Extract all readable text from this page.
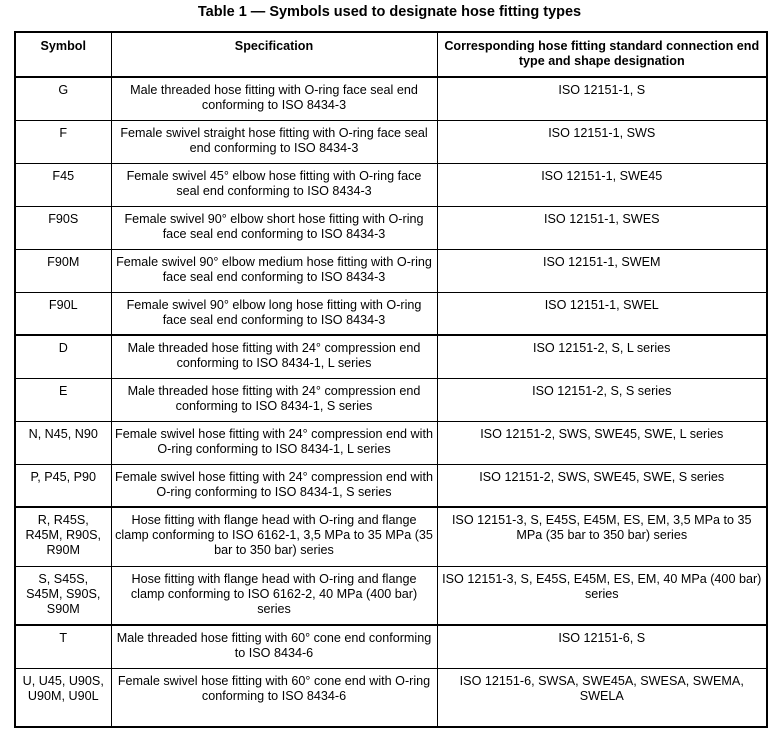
Table 1 — Symbols used to designate hose fitting types
Symbol	Specification	Corresponding hose fitting standard connection end type and shape designation
G	Male threaded hose fitting with O-ring face seal end conforming to ISO 8434-3	ISO 12151-1, S
F	Female swivel straight hose fitting with O-ring face seal end conforming to ISO 8434-3	ISO 12151-1, SWS
F45	Female swivel 45° elbow hose fitting with O-ring face seal end conforming to ISO 8434-3	ISO 12151-1, SWE45
F90S	Female swivel 90° elbow short hose fitting with O-ring face seal end conforming to ISO 8434-3	ISO 12151-1, SWES
F90M	Female swivel 90° elbow medium hose fitting with O-ring face seal end conforming to ISO 8434-3	ISO 12151-1, SWEM
F90L	Female swivel 90° elbow long hose fitting with O-ring face seal end conforming to ISO 8434-3	ISO 12151-1, SWEL
D	Male threaded hose fitting with 24° compression end conforming to ISO 8434-1, L series	ISO 12151-2, S, L series
E	Male threaded hose fitting with 24° compression end conforming to ISO 8434-1, S series	ISO 12151-2, S, S series
N, N45, N90	Female swivel hose fitting with 24° compression end with O-ring conforming to ISO 8434-1, L series	ISO 12151-2, SWS, SWE45, SWE, L series
P, P45, P90	Female swivel hose fitting with 24° compression end with O-ring conforming to ISO 8434-1, S series	ISO 12151-2, SWS, SWE45, SWE, S series
R, R45S, R45M, R90S, R90M	Hose fitting with flange head with O-ring and flange clamp conforming to ISO 6162-1, 3,5 MPa to 35 MPa (35 bar to 350 bar) series	ISO 12151-3, S, E45S, E45M, ES, EM, 3,5 MPa to 35 MPa (35 bar to 350 bar) series
S, S45S, S45M, S90S, S90M	Hose fitting with flange head with O-ring and flange clamp conforming to ISO 6162-2, 40 MPa (400 bar) series	ISO 12151-3, S, E45S, E45M, ES, EM, 40 MPa (400 bar) series
T	Male threaded hose fitting with 60° cone end conforming to ISO 8434-6	ISO 12151-6, S
U, U45, U90S, U90M, U90L	Female swivel hose fitting with 60° cone end with O-ring conforming to ISO 8434-6	ISO 12151-6, SWSA, SWE45A, SWESA, SWEMA, SWELA
